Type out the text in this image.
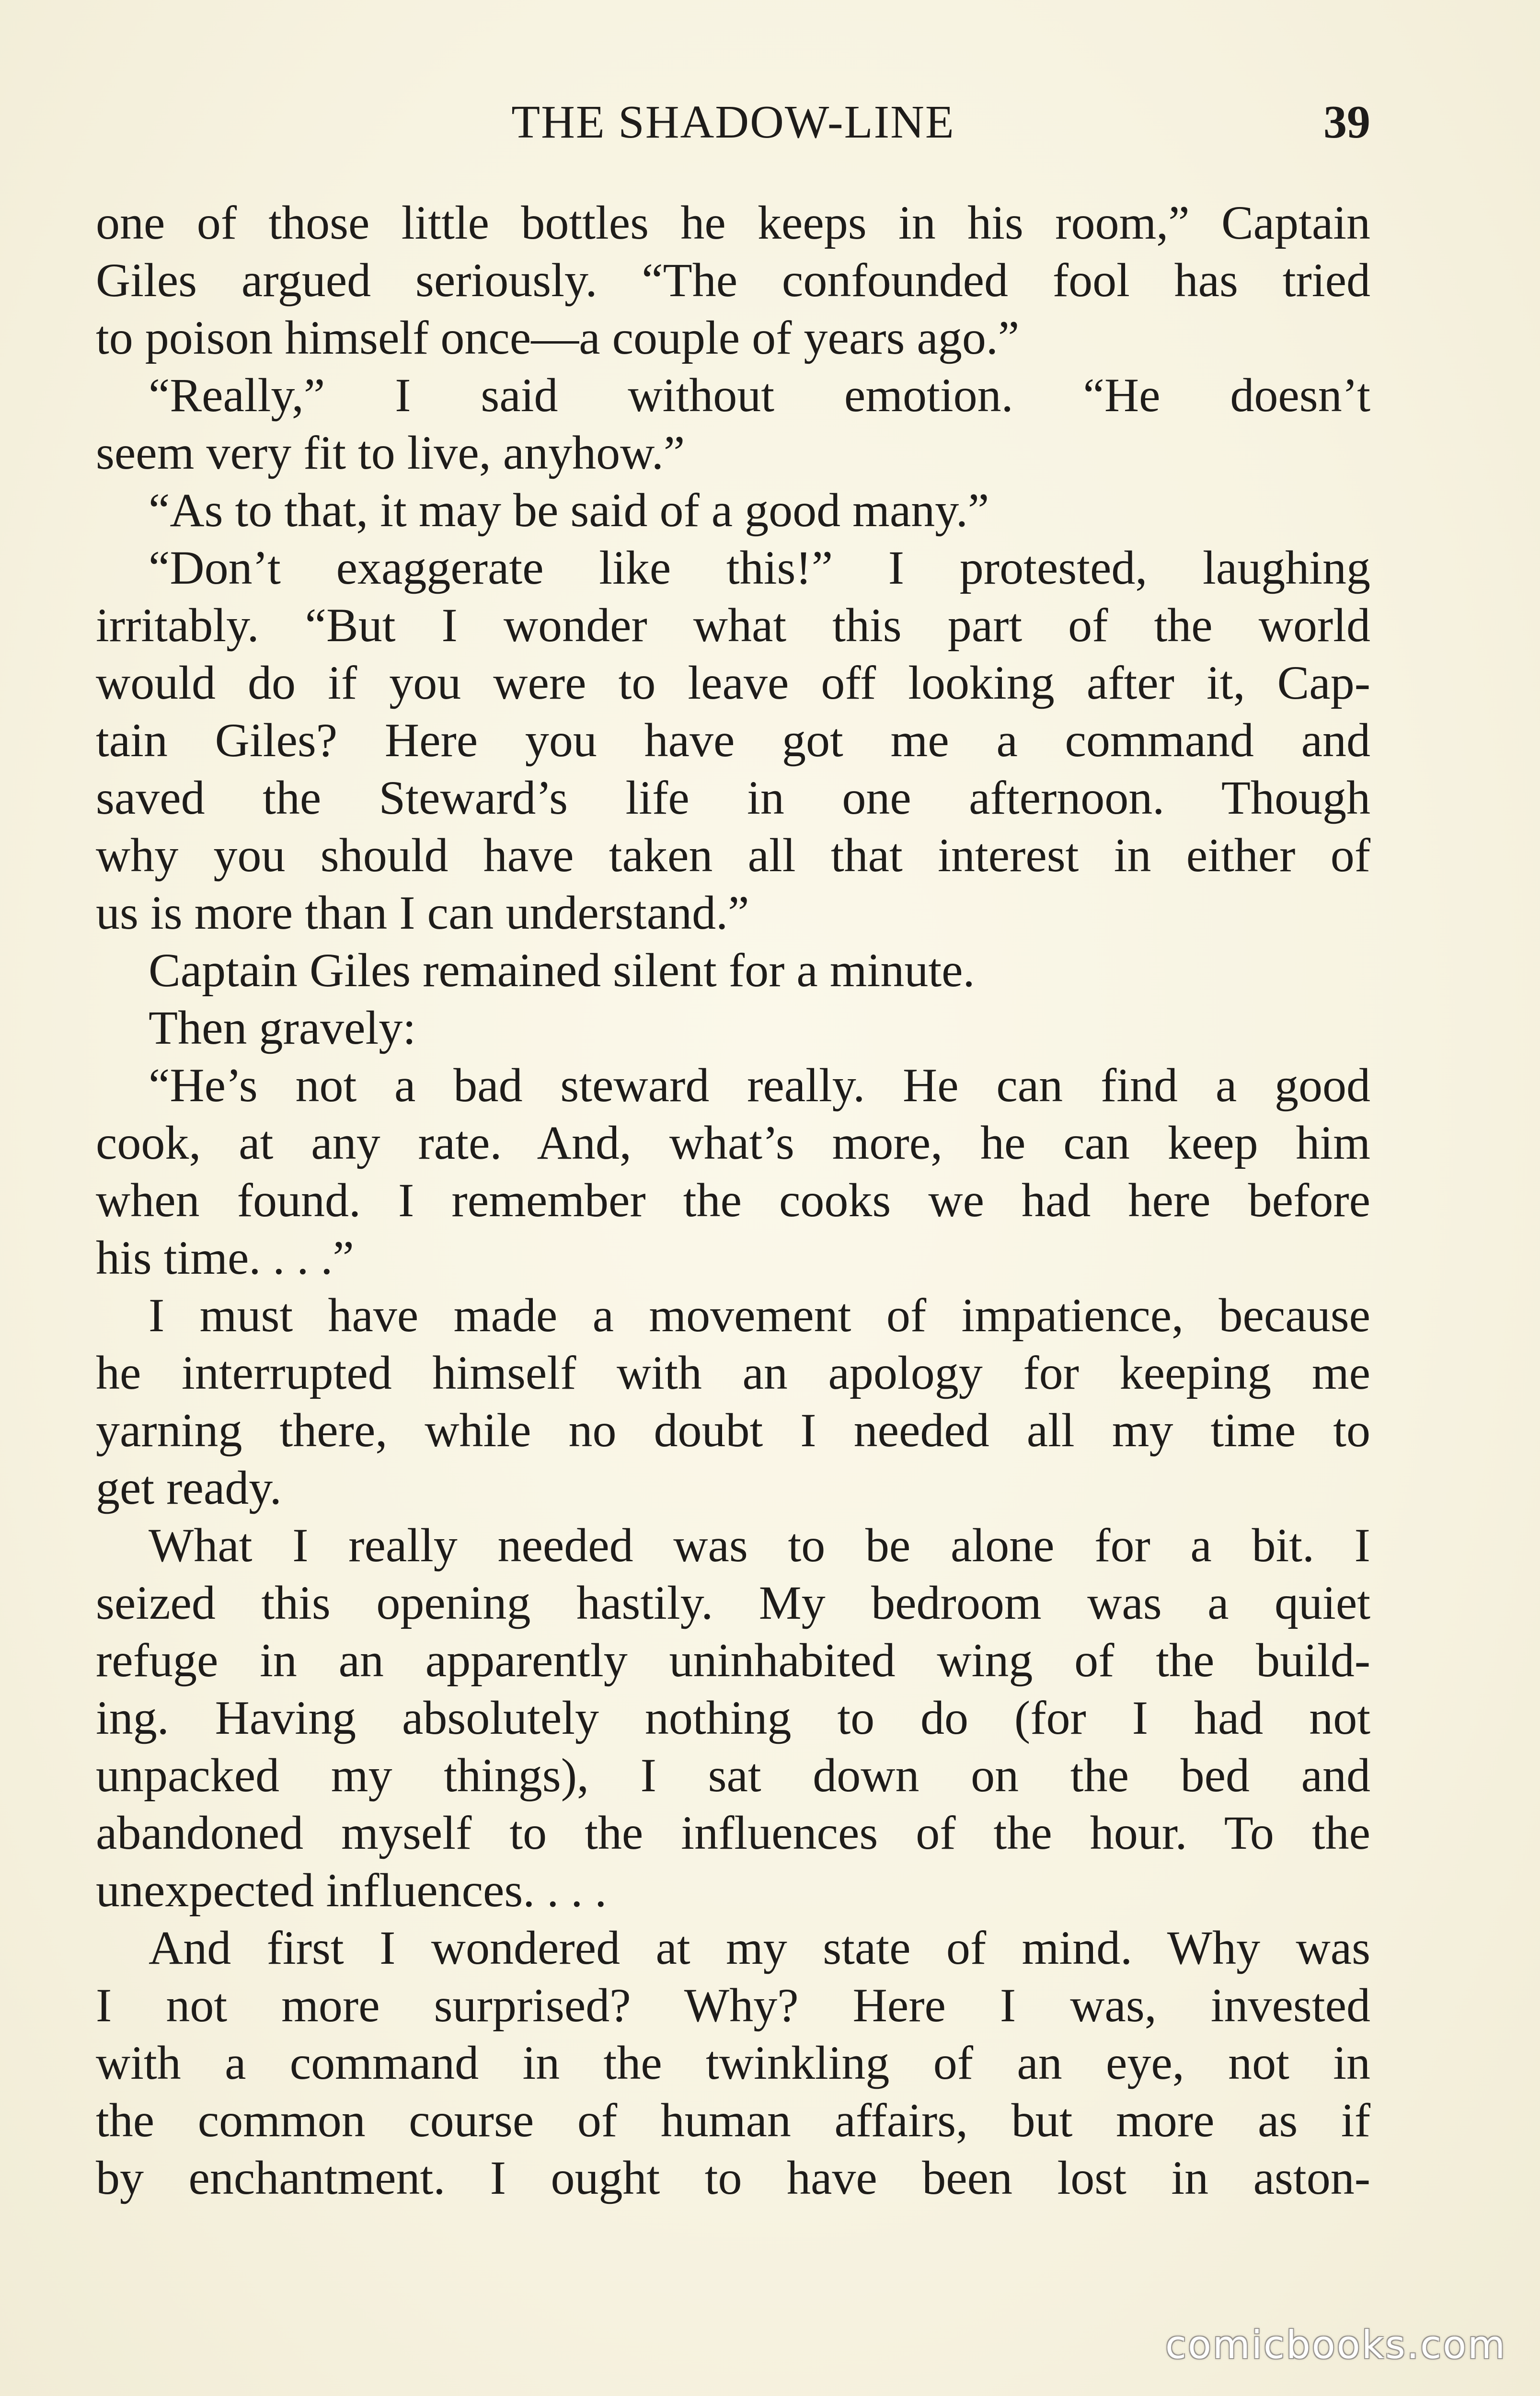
THE SHADOW-LINE	39
one of those little bottles he keeps in his room,” Captain
Giles argued seriously. “The confounded fool has tried
to poison himself once—a couple of years ago.”
“Really,” I said without emotion. “He doesn’t
seem very fit to live, anyhow.”
“As to that, it may be said of a good many.”
“Don’t exaggerate like this!” I protested, laughing
irritably. “But I wonder what this part of the world
would do if you were to leave off looking after it, Cap-
tain Giles? Here you have got me a command and
saved the Steward’s life in one afternoon. Though
why you should have taken all that interest in either of
us is more than I can understand.”
Captain Giles remained silent for a minute.
Then gravely:
“He’s not a bad steward really. He can find a good
cook, at any rate. And, what’s more, he can keep him
when found. I remember the cooks we had here before
his time. . . .”
I must have made a movement of impatience, because
he interrupted himself with an apology for keeping me
yarning there, while no doubt I needed all my time to
get ready.
What I really needed was to be alone for a bit. I
seized this opening hastily. My bedroom was a quiet
refuge in an apparently uninhabited wing of the build-
ing. Having absolutely nothing to do (for I had not
unpacked my things), I sat down on the bed and
abandoned myself to the influences of the hour. To the
unexpected influences. . . .
And first I wondered at my state of mind. Why was
I not more surprised? Why? Here I was, invested
with a command in the twinkling of an eye, not in
the common course of human affairs, but more as if
by enchantment. I ought to have been lost in aston-
comicbooks.com
